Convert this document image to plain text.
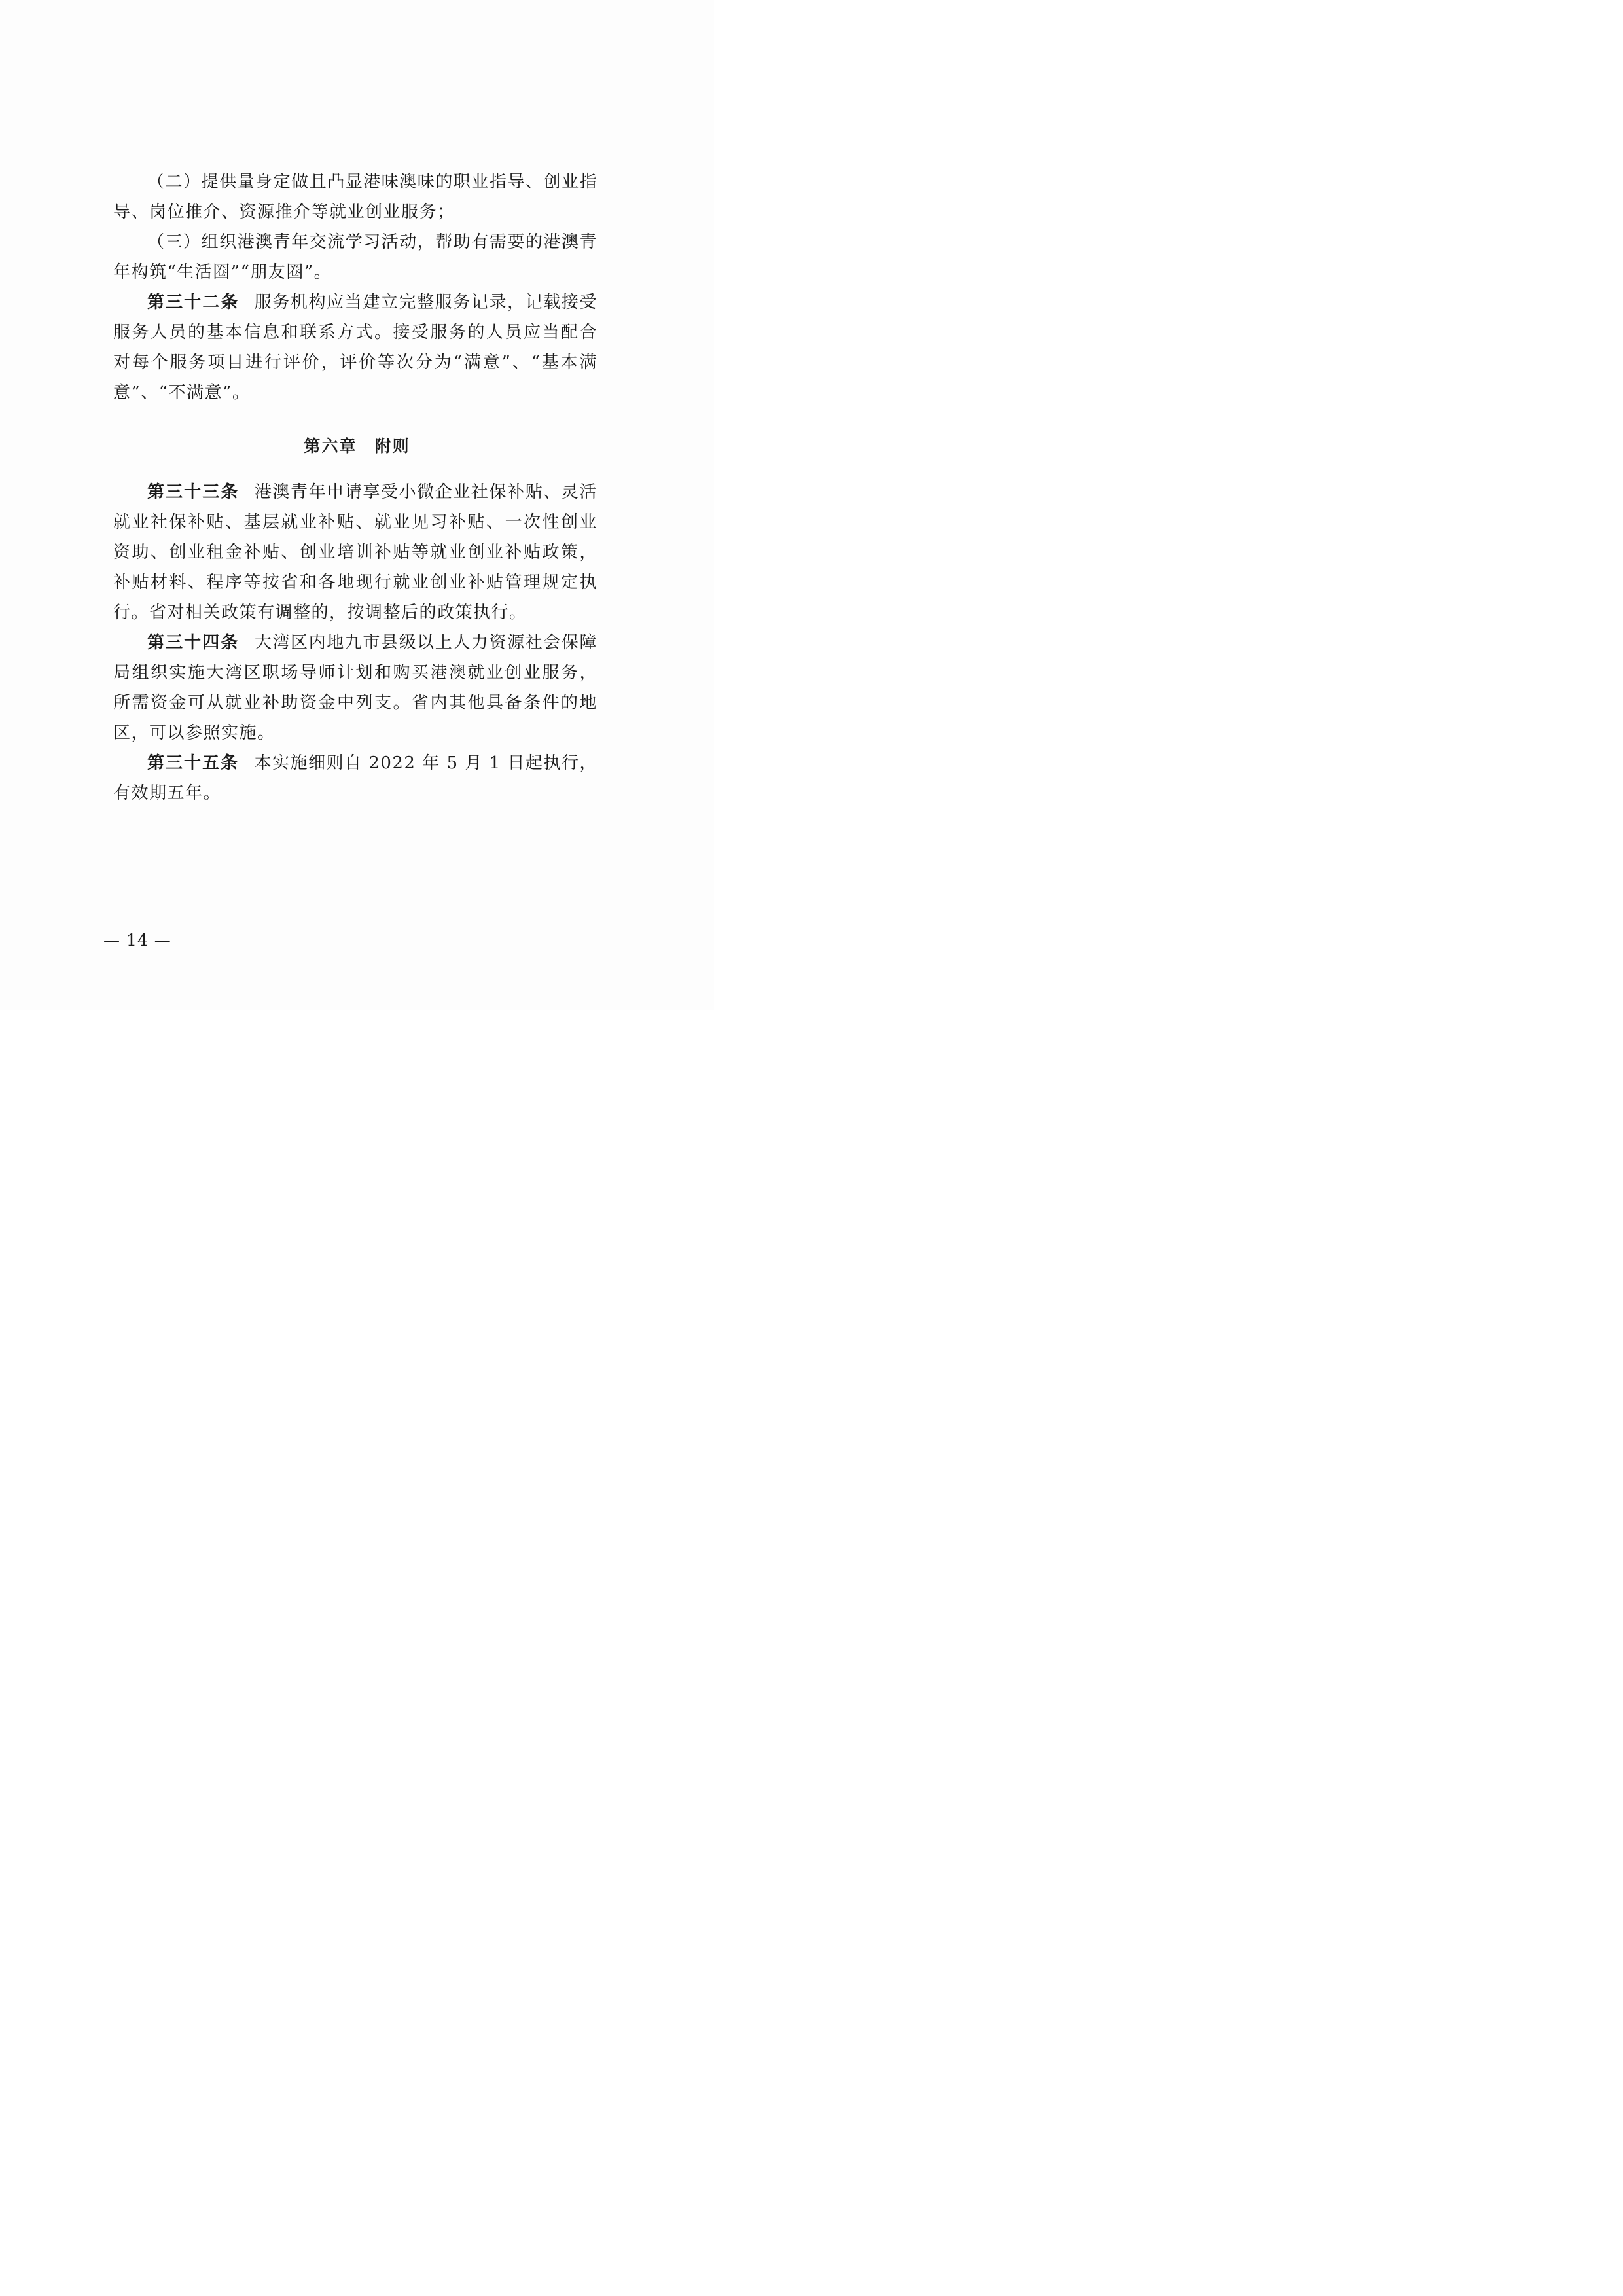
（二）提供量身定做且凸显港味澳味的职业指导、创业指导、岗位推介、资源推介等就业创业服务；

（三）组织港澳青年交流学习活动，帮助有需要的港澳青年构筑“生活圈”“朋友圈”。

第三十二条 服务机构应当建立完整服务记录，记载接受服务人员的基本信息和联系方式。接受服务的人员应当配合对每个服务项目进行评价，评价等次分为“满意”、“基本满意”、“不满意”。

第六章　附则

第三十三条 港澳青年申请享受小微企业社保补贴、灵活就业社保补贴、基层就业补贴、就业见习补贴、一次性创业资助、创业租金补贴、创业培训补贴等就业创业补贴政策，补贴材料、程序等按省和各地现行就业创业补贴管理规定执行。省对相关政策有调整的，按调整后的政策执行。

第三十四条 大湾区内地九市县级以上人力资源社会保障局组织实施大湾区职场导师计划和购买港澳就业创业服务，所需资金可从就业补助资金中列支。省内其他具备条件的地区，可以参照实施。

第三十五条 本实施细则自 2022 年 5 月 1 日起执行，有效期五年。

— 14 —
